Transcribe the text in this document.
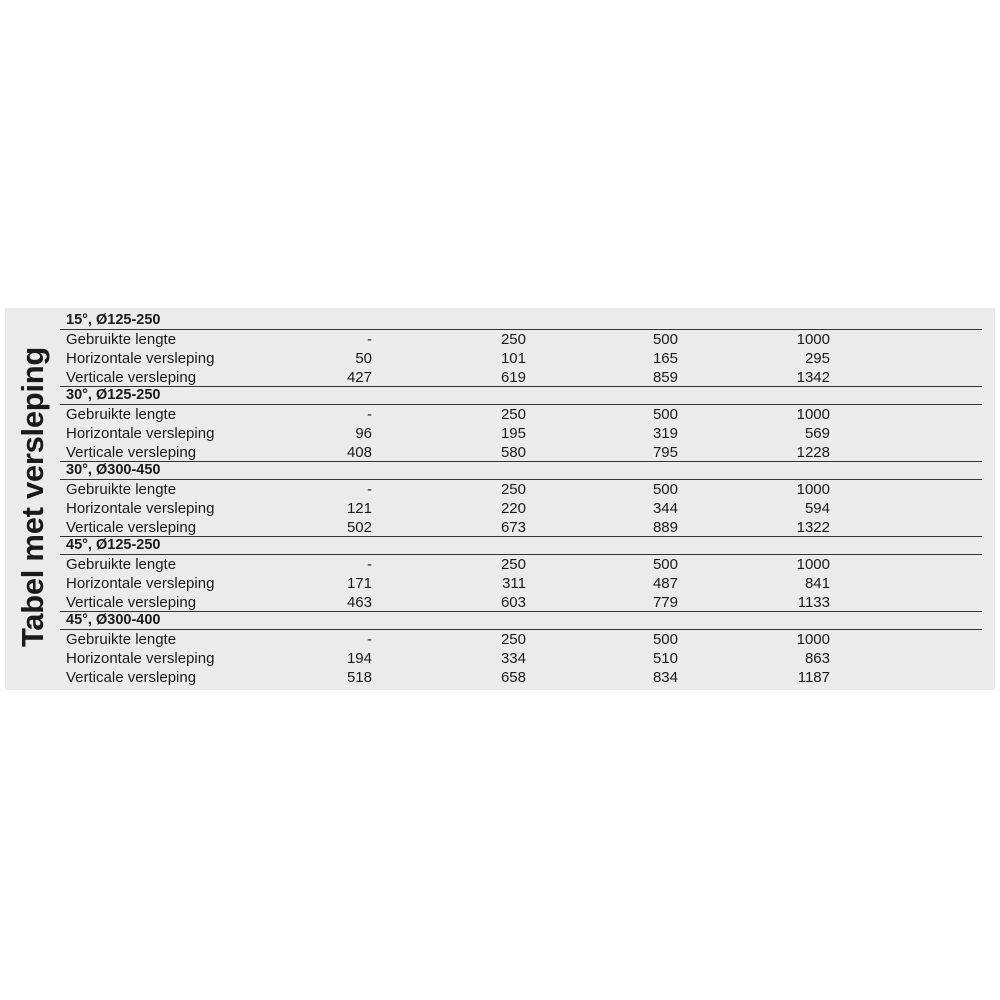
Tabel met versleping
15°, Ø125-250
Gebruikte lengte	-	250	500	1000
Horizontale versleping	50	101	165	295
Verticale versleping	427	619	859	1342
30°, Ø125-250
Gebruikte lengte	-	250	500	1000
Horizontale versleping	96	195	319	569
Verticale versleping	408	580	795	1228
30°, Ø300-450
Gebruikte lengte	-	250	500	1000
Horizontale versleping	121	220	344	594
Verticale versleping	502	673	889	1322
45°, Ø125-250
Gebruikte lengte	-	250	500	1000
Horizontale versleping	171	311	487	841
Verticale versleping	463	603	779	1133
45°, Ø300-400
Gebruikte lengte	-	250	500	1000
Horizontale versleping	194	334	510	863
Verticale versleping	518	658	834	1187
